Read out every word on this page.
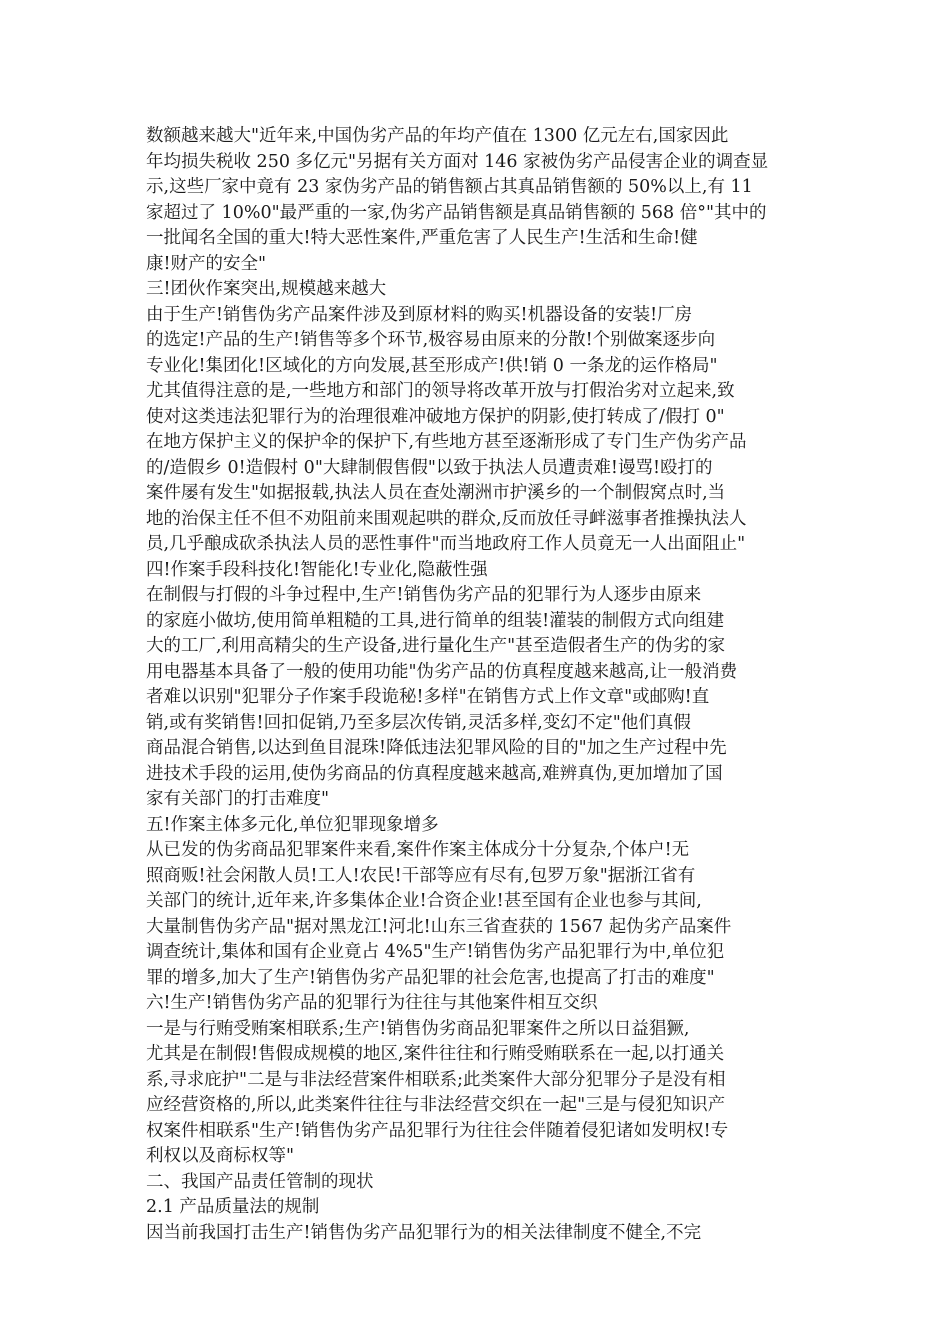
数额越来越大"近年来,中国伪劣产品的年均产值在 1300 亿元左右,国家因此
年均损失税收 250 多亿元"另据有关方面对 146 家被伪劣产品侵害企业的调查显
示,这些厂家中竟有 23 家伪劣产品的销售额占其真品销售额的 50%以上,有 11
家超过了 10%0"最严重的一家,伪劣产品销售额是真品销售额的 568 倍°"其中的
一批闻名全国的重大!特大恶性案件,严重危害了人民生产!生活和生命!健
康!财产的安全"
三!团伙作案突出,规模越来越大
由于生产!销售伪劣产品案件涉及到原材料的购买!机器设备的安装!厂房
的选定!产品的生产!销售等多个环节,极容易由原来的分散!个别做案逐步向
专业化!集团化!区域化的方向发展,甚至形成产!供!销 0 一条龙的运作格局"
尤其值得注意的是,一些地方和部门的领导将改革开放与打假治劣对立起来,致
使对这类违法犯罪行为的治理很难冲破地方保护的阴影,使打转成了/假打 0"
在地方保护主义的保护伞的保护下,有些地方甚至逐渐形成了专门生产伪劣产品
的/造假乡 0!造假村 0"大肆制假售假"以致于执法人员遭责难!谩骂!殴打的
案件屡有发生"如据报载,执法人员在查处潮洲市护溪乡的一个制假窝点时,当
地的治保主任不但不劝阻前来围观起哄的群众,反而放任寻衅滋事者推操执法人
员,几乎酿成砍杀执法人员的恶性事件"而当地政府工作人员竟无一人出面阻止"
四!作案手段科技化!智能化!专业化,隐蔽性强
在制假与打假的斗争过程中,生产!销售伪劣产品的犯罪行为人逐步由原来
的家庭小做坊,使用简单粗糙的工具,进行简单的组装!灌装的制假方式向组建
大的工厂,利用高精尖的生产设备,进行量化生产"甚至造假者生产的伪劣的家
用电器基本具备了一般的使用功能"伪劣产品的仿真程度越来越高,让一般消费
者难以识别"犯罪分子作案手段诡秘!多样"在销售方式上作文章"或邮购!直
销,或有奖销售!回扣促销,乃至多层次传销,灵活多样,变幻不定"他们真假
商品混合销售,以达到鱼目混珠!降低违法犯罪风险的目的"加之生产过程中先
进技术手段的运用,使伪劣商品的仿真程度越来越高,难辨真伪,更加增加了国
家有关部门的打击难度"
五!作案主体多元化,单位犯罪现象增多
从已发的伪劣商品犯罪案件来看,案件作案主体成分十分复杂,个体户!无
照商贩!社会闲散人员!工人!农民!干部等应有尽有,包罗万象"据浙江省有
关部门的统计,近年来,许多集体企业!合资企业!甚至国有企业也参与其间,
大量制售伪劣产品"据对黑龙江!河北!山东三省查获的 1567 起伪劣产品案件
调查统计,集体和国有企业竟占 4%5"生产!销售伪劣产品犯罪行为中,单位犯
罪的增多,加大了生产!销售伪劣产品犯罪的社会危害,也提高了打击的难度"
六!生产!销售伪劣产品的犯罪行为往往与其他案件相互交织
一是与行贿受贿案相联系;生产!销售伪劣商品犯罪案件之所以日益猖獗,
尤其是在制假!售假成规模的地区,案件往往和行贿受贿联系在一起,以打通关
系,寻求庇护"二是与非法经营案件相联系;此类案件大部分犯罪分子是没有相
应经营资格的,所以,此类案件往往与非法经营交织在一起"三是与侵犯知识产
权案件相联系"生产!销售伪劣产品犯罪行为往往会伴随着侵犯诸如发明权!专
利权以及商标权等"
二、我国产品责任管制的现状
2.1 产品质量法的规制
因当前我国打击生产!销售伪劣产品犯罪行为的相关法律制度不健全,不完
